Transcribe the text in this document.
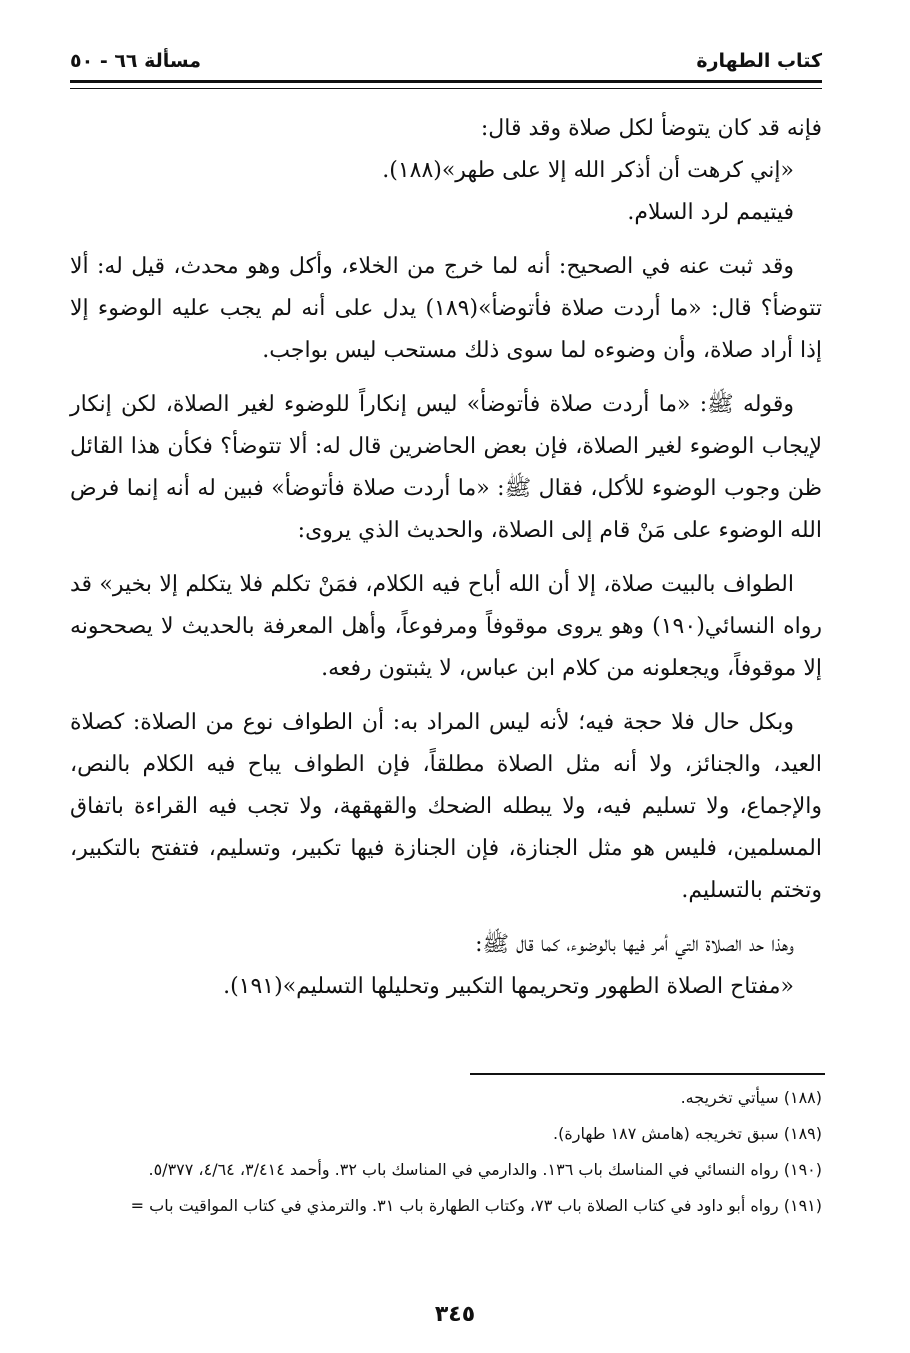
كتاب الطهارة
مسألة ٦٦ - ٥٠

فإنه قد كان يتوضأ لكل صلاة وقد قال:

«إني كرهت أن أذكر الله إلا على طهر»(١٨٨).

فيتيمم لرد السلام.

وقد ثبت عنه في الصحيح: أنه لما خرج من الخلاء، وأكل وهو محدث، قيل له: ألا تتوضأ؟ قال: «ما أردت صلاة فأتوضأ»(١٨٩) يدل على أنه لم يجب عليه الوضوء إلا إذا أراد صلاة، وأن وضوءه لما سوى ذلك مستحب ليس بواجب.

وقوله ﷺ: «ما أردت صلاة فأتوضأ» ليس إنكاراً للوضوء لغير الصلاة، لكن إنكار لإيجاب الوضوء لغير الصلاة، فإن بعض الحاضرين قال له: ألا تتوضأ؟ فكأن هذا القائل ظن وجوب الوضوء للأكل، فقال ﷺ: «ما أردت صلاة فأتوضأ» فبين له أنه إنما فرض الله الوضوء على مَنْ قام إلى الصلاة، والحديث الذي يروى:

الطواف بالبيت صلاة، إلا أن الله أباح فيه الكلام، فمَنْ تكلم فلا يتكلم إلا بخير» قد رواه النسائي(١٩٠) وهو يروى موقوفاً ومرفوعاً، وأهل المعرفة بالحديث لا يصححونه إلا موقوفاً، ويجعلونه من كلام ابن عباس، لا يثبتون رفعه.

وبكل حال فلا حجة فيه؛ لأنه ليس المراد به: أن الطواف نوع من الصلاة: كصلاة العيد، والجنائز، ولا أنه مثل الصلاة مطلقاً، فإن الطواف يباح فيه الكلام بالنص، والإجماع، ولا تسليم فيه، ولا يبطله الضحك والقهقهة، ولا تجب فيه القراءة باتفاق المسلمين، فليس هو مثل الجنازة، فإن الجنازة فيها تكبير، وتسليم، فتفتح بالتكبير، وتختم بالتسليم.

وهذا حد الصلاة التي أمر فيها بالوضوء، كما قال ﷺ:

«مفتاح الصلاة الطهور وتحريمها التكبير وتحليلها التسليم»(١٩١).

(١٨٨) سيأتي تخريجه.

(١٨٩) سبق تخريجه (هامش ١٨٧ طهارة).

(١٩٠) رواه النسائي في المناسك باب ١٣٦. والدارمي في المناسك باب ٣٢. وأحمد ٣/٤١٤، ٤/٦٤، ٥/٣٧٧.

(١٩١) رواه أبو داود في كتاب الصلاة باب ٧٣، وكتاب الطهارة باب ٣١. والترمذي في كتاب المواقيت باب =

٣٤٥
